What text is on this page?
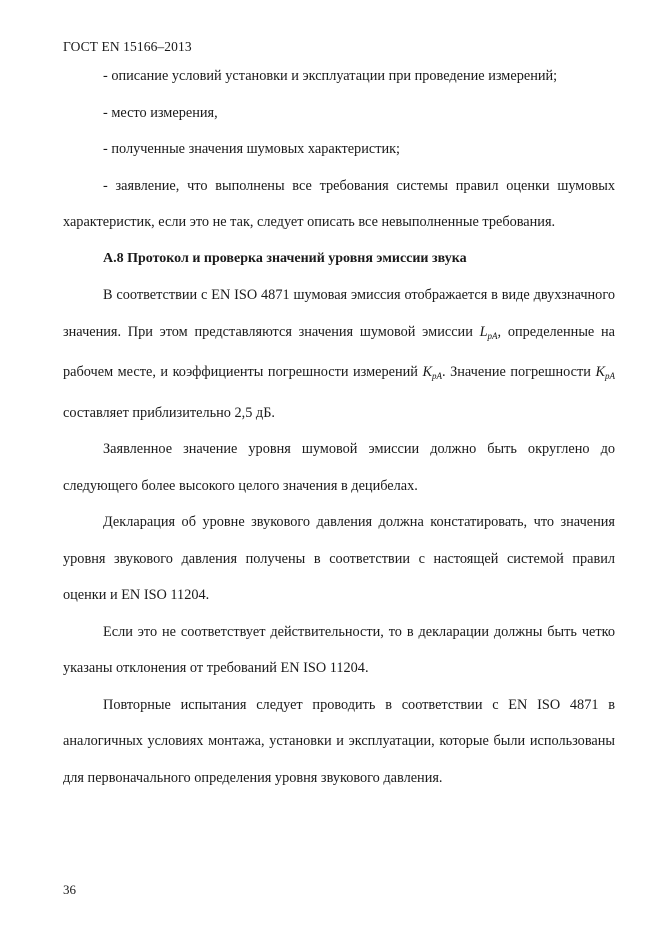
ГОСТ EN 15166–2013

- описание условий установки и эксплуатации при проведение измерений;

- место измерения,

- полученные значения шумовых характеристик;

- заявление, что выполнены все требования системы правил оценки шумовых характеристик, если это не так, следует описать все невыполненные требования.

А.8 Протокол и проверка значений уровня эмиссии звука

В соответствии с EN ISO 4871 шумовая эмиссия отображается в виде двухзначного значения. При этом представляются значения шумовой эмиссии $L_{pA}$, определенные на рабочем месте, и коэффициенты погрешности измерений $K_{pA}$. Значение погрешности $K_{pA}$ составляет приблизительно 2,5 дБ.

Заявленное значение уровня шумовой эмиссии должно быть округлено до следующего более высокого целого значения в децибелах.

Декларация об уровне звукового давления должна констатировать, что значения уровня звукового давления получены в соответствии с настоящей системой правил оценки и EN ISO 11204.

Если это не соответствует действительности, то в декларации должны быть четко указаны отклонения от требований EN ISO 11204.

Повторные испытания следует проводить в соответствии с EN ISO 4871 в аналогичных условиях монтажа, установки и эксплуатации, которые были использованы для первоначального определения уровня звукового давления.

36
